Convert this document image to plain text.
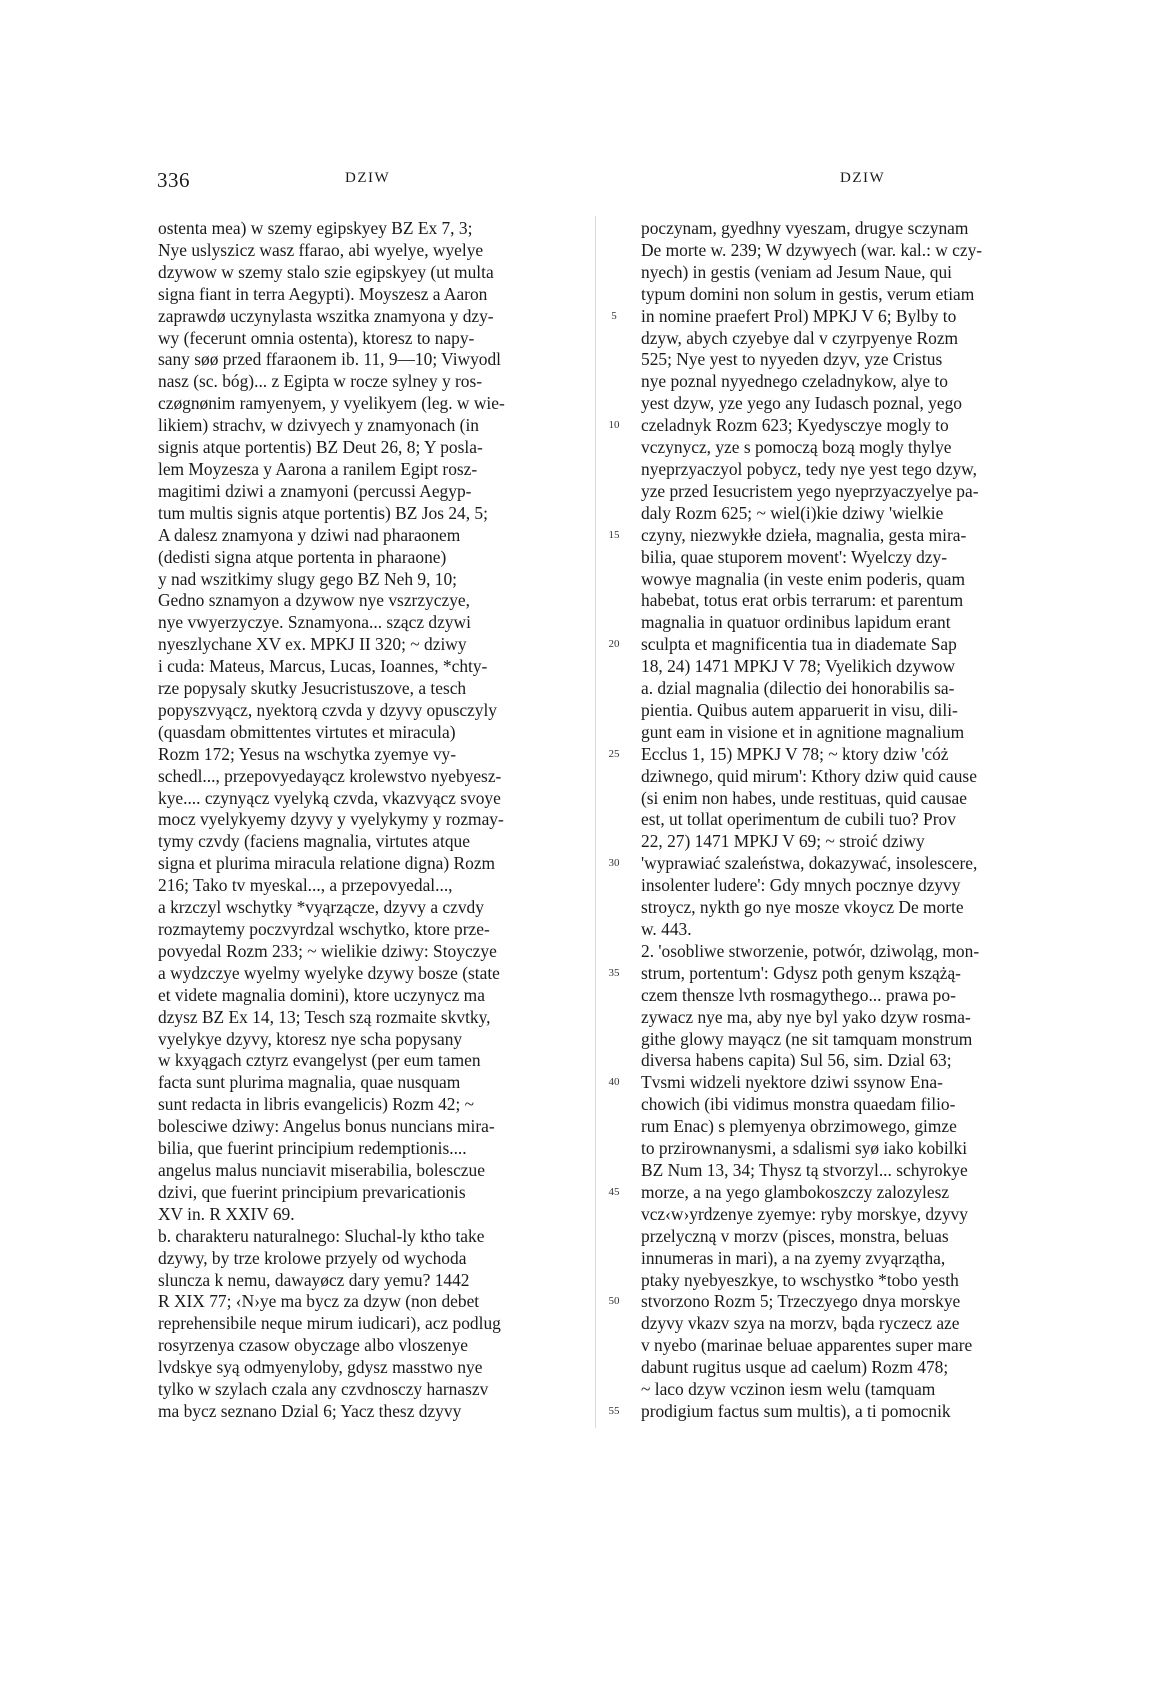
336	DZIW	DZIW
ostenta mea) w szemy egipskyey BZ Ex 7, 3;
Nye uslyszicz wasz ffarao, abi wyelye, wyelye
dzywow w szemy stalo szie egipskyey (ut multa
signa fiant in terra Aegypti). Moyszesz a Aaron
zaprawdø uczynylasta wszitka znamyona y dzy-
wy (fecerunt omnia ostenta), ktoresz to napy-
sany søø przed ffaraonem ib. 11, 9—10; Viwyodl
nasz (sc. bóg)... z Egipta w rocze sylney y ros-
czøgnønim ramyenyem, y vyelikyem (leg. w wie-
likiem) strachv, w dzivyech y znamyonach (in
signis atque portentis) BZ Deut 26, 8; Y posla-
lem Moyzesza y Aarona a ranilem Egipt rosz-
magitimi dziwi a znamyoni (percussi Aegyp-
tum multis signis atque portentis) BZ Jos 24, 5;
A dalesz znamyona y dziwi nad pharaonem
(dedisti signa atque portenta in pharaone)
y nad wszitkimy slugy gego BZ Neh 9, 10;
Gedno sznamyon a dzywow nye vszrzyczye,
nye vwyerzyczye. Sznamyona... sząсz dzywi
nyeszlychane XV ex. MPKJ II 320; ~ dziwy
i cuda: Mateus, Marcus, Lucas, Ioannes, *chty-
rze popysaly skutky Jesucristuszove, a tesch
popyszvyącz, nyektorą czvda y dzyvy opusczyly
(quasdam obmittentes virtutes et miracula)
Rozm 172; Yesus na wschytka zyemye vy-
schedl..., przepovyedayącz krolewstvo nyebyesz-
kye.... czynyącz vyelyką czvda, vkazvyącz svoye
mocz vyelykyemy dzyvy y vyelykymy y rozmay-
tymy czvdy (faciens magnalia, virtutes atque
signa et plurima miracula relatione digna) Rozm
216; Tako tv myeskal..., a przepovyedal...,
a krzczyl wschytky *vyąrzącze, dzyvy a czvdy
rozmaytemy poczvyrdzal wschytko, ktore prze-
povyedal Rozm 233; ~ wielikie dziwy: Stoyczye
a wydzczye wyelmy wyelyke dzywy bosze (state
et videte magnalia domini), ktore uczynycz ma
dzysz BZ Ex 14, 13; Tesch szą rozmaite skvtky,
vyelykye dzyvy, ktoresz nye scha popysany
w kxyągach cztyrz evangelyst (per eum tamen
facta sunt plurima magnalia, quae nusquam
sunt redacta in libris evangelicis) Rozm 42; ~
bolesciwe dziwy: Angelus bonus nuncians mira-
bilia, que fuerint principium redemptionis....
angelus malus nunciavit miserabilia, bolesczue
dzivi, que fuerint principium prevaricationis
XV in. R XXIV 69.
b. charakteru naturalnego: Sluchal-ly ktho take
dzywy, by trze krolowe przyely od wychoda
slunсza k nemu, dawayøcz dary yemu? 1442
R XIX 77; ‹N›ye ma bycz za dzyw (non debet
reprehensibile neque mirum iudicari), acz podlug
rosyrzenya czasow obyczage albo vloszenye
lvdskye syą odmyenyloby, gdysz masstwo nye
tylko w szylach czala any czvdnosczy harnaszv
ma bycz seznano Dzial 6; Yacz thesz dzyvy
5
10
15
20
25
30
35
40
45
50
55
poczynam, gyedhny vyeszam, drugye sczynam
De morte w. 239; W dzywyech (war. kal.: w czy-
nyech) in gestis (veniam ad Jesum Naue, qui
typum domini non solum in gestis, verum etiam
in nomine praefert Prol) MPKJ V 6; Bylby to
dzyw, abych czyebye dal v czyrpyenye Rozm
525; Nye yest to nyyeden dzyv, yze Cristus
nye poznal nyyednego czeladnykow, alye to
yest dzyw, yze yego any Iudasch poznal, yego
czeladnyk Rozm 623; Kyedysczye mogly to
vczynycz, yze s pomoczą bozą mogly thylye
nyeprzyaczyol pobycz, tedy nye yest tego dzyw,
yze przed Iesucristem yego nyeprzyaczyelye pa-
daly Rozm 625; ~ wiel(i)kie dziwy 'wielkie
czyny, niezwykłe dzieła, magnalia, gesta mira-
bilia, quae stuporem movent': Wyelczy dzy-
wowye magnalia (in veste enim poderis, quam
habebat, totus erat orbis terrarum: et parentum
magnalia in quatuor ordinibus lapidum erant
sculpta et magnificentia tua in diademate Sap
18, 24) 1471 MPKJ V 78; Vyelikich dzywow
a. dzial magnalia (dilectio dei honorabilis sa-
pientia. Quibus autem apparuerit in visu, dili-
gunt eam in visione et in agnitione magnalium
Ecclus 1, 15) MPKJ V 78; ~ ktory dziw 'cóż
dziwnego, quid mirum': Kthory dziw quid cause
(si enim non habes, unde restituas, quid causae
est, ut tollat operimentum de cubili tuo? Prov
22, 27) 1471 MPKJ V 69; ~ stroić dziwy
'wyprawiać szaleństwa, dokazywać, insolescere,
insolenter ludere': Gdy mnych pocznye dzyvy
stroycz, nykth go nye mosze vkoycz De morte
w. 443.
2. 'osobliwe stworzenie, potwór, dziwoląg, mon-
strum, portentum': Gdysz poth genym kszążą-
czem thensze lvth rosmagythego... prawa po-
zywacz nye ma, aby nye byl yako dzyw rosma-
githe glowy mayącz (ne sit tamquam monstrum
diversa habens capita) Sul 56, sim. Dzial 63;
Tvsmi widzeli nyektore dziwi ssynow Ena-
chowich (ibi vidimus monstra quaedam filio-
rum Enac) s plemyenya obrzimowego, gimze
to przirownanysmi, a sdalismi syø iako kobilki
BZ Num 13, 34; Thysz tą stvorzyl... schyrokye
morze, a na yego glambokoszczy zalozylesz
vcz‹w›yrdzenye zyemye: ryby morskye, dzyvy
przelyczną v morzv (pisces, monstra, beluas
innumeras in mari), a na zyemy zvyąrzątha,
ptaky nyebyeszkye, to wschystko *tobo yesth
stvorzono Rozm 5; Trzeczyego dnya morskye
dzyvy vkazv szya na morzv, bąda ryczecz aze
v nyebo (marinae beluae apparentes super mare
dabunt rugitus usque ad caelum) Rozm 478;
~ laco dzyw vczinon iesm welu (tamquam
prodigium factus sum multis), a ti pomocnik
